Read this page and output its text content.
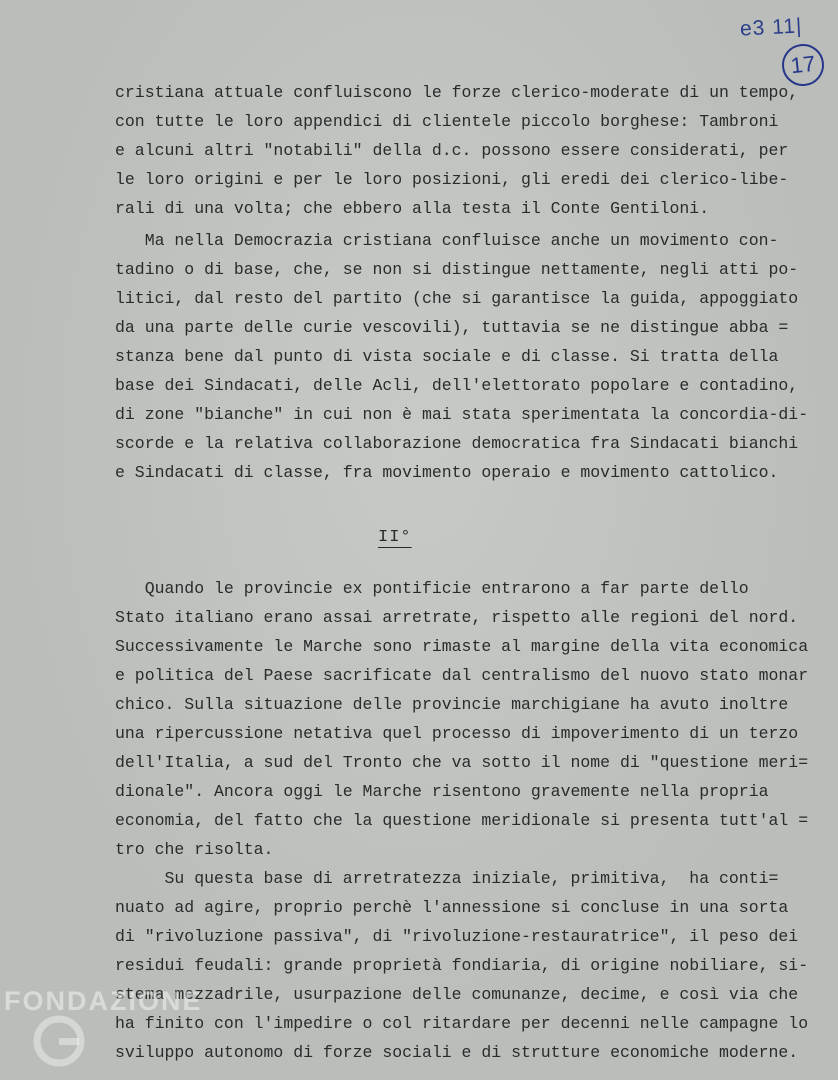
e3 11|
17
cristiana attuale confluiscono le forze clerico-moderate di un tempo,
con tutte le loro appendici di clientele piccolo borghese: Tambroni
e alcuni altri "notabili" della d.c. possono essere considerati, per
le loro origini e per le loro posizioni, gli eredi dei clerico-libe-
rali di una volta; che ebbero alla testa il Conte Gentiloni.
Ma nella Democrazia cristiana confluisce anche un movimento con-
tadino o di base, che, se non si distingue nettamente, negli atti po-
litici, dal resto del partito (che si garantisce la guida, appoggiato
da una parte delle curie vescovili), tuttavia se ne distingue abba =
stanza bene dal punto di vista sociale e di classe. Si tratta della
base dei Sindacati, delle Acli, dell'elettorato popolare e contadino,
di zone "bianche" in cui non è mai stata sperimentata la concordia-di-
scorde e la relativa collaborazione democratica fra Sindacati bianchi
e Sindacati di classe, fra movimento operaio e movimento cattolico.
II°
Quando le provincie ex pontificie entrarono a far parte dello
Stato italiano erano assai arretrate, rispetto alle regioni del nord.
Successivamente le Marche sono rimaste al margine della vita economica
e politica del Paese sacrificate dal centralismo del nuovo stato monar
chico. Sulla situazione delle provincie marchigiane ha avuto inoltre
una ripercussione netativa quel processo di impoverimento di un terzo
dell'Italia, a sud del Tronto che va sotto il nome di "questione meri=
dionale". Ancora oggi le Marche risentono gravemente nella propria
economia, del fatto che la questione meridionale si presenta tutt'al =
tro che risolta.
Su questa base di arretratezza iniziale, primitiva,  ha conti=
nuato ad agire, proprio perchè l'annessione si concluse in una sorta
di "rivoluzione passiva", di "rivoluzione-restauratrice", il peso dei
residui feudali: grande proprietà fondiaria, di origine nobiliare, si-
stema mezzadrile, usurpazione delle comunanze, decime, e così via che
ha finito con l'impedire o col ritardare per decenni nelle campagne lo
sviluppo autonomo di forze sociali e di strutture economiche moderne.
FONDAZIONE
